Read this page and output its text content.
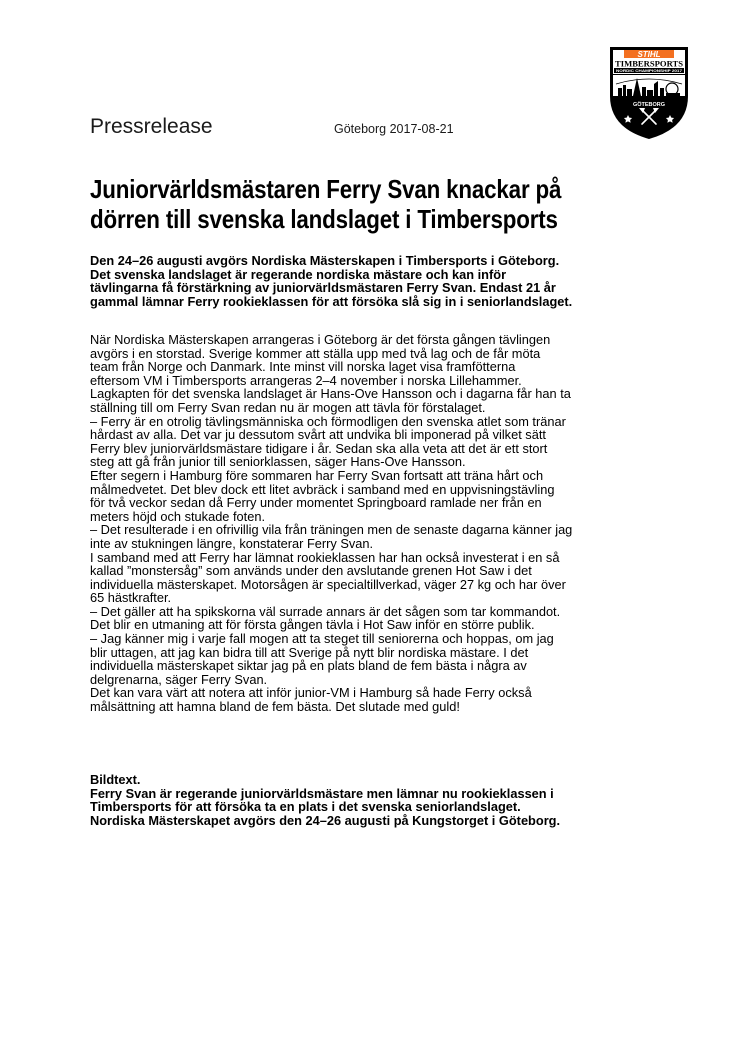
STIHL
TIMBERSPORTS
NORDIC CHAMPIONSHIP 2017
GÖTEBORG
Pressrelease	Göteborg 2017-08-21
Juniorvärldsmästaren Ferry Svan knackar på
dörren till svenska landslaget i Timbersports
Den 24–26 augusti avgörs Nordiska Mästerskapen i Timbersports i Göteborg.
Det svenska landslaget är regerande nordiska mästare och kan inför
tävlingarna få förstärkning av juniorvärldsmästaren Ferry Svan. Endast 21 år
gammal lämnar Ferry rookieklassen för att försöka slå sig in i seniorlandslaget.

När Nordiska Mästerskapen arrangeras i Göteborg är det första gången tävlingen

avgörs i en storstad. Sverige kommer att ställa upp med två lag och de får möta

team från Norge och Danmark. Inte minst vill norska laget visa framfötterna

eftersom VM i Timbersports arrangeras 2–4 november i norska Lillehammer.

Lagkapten för det svenska landslaget är Hans-Ove Hansson och i dagarna får han ta

ställning till om Ferry Svan redan nu är mogen att tävla för förstalaget.

– Ferry är en otrolig tävlingsmänniska och förmodligen den svenska atlet som tränar

hårdast av alla. Det var ju dessutom svårt att undvika bli imponerad på vilket sätt

Ferry blev juniorvärldsmästare tidigare i år. Sedan ska alla veta att det är ett stort

steg att gå från junior till seniorklassen, säger Hans-Ove Hansson.

Efter segern i Hamburg före sommaren har Ferry Svan fortsatt att träna hårt och

målmedvetet. Det blev dock ett litet avbräck i samband med en uppvisningstävling

för två veckor sedan då Ferry under momentet Springboard ramlade ner från en

meters höjd och stukade foten.

– Det resulterade i en ofrivillig vila från träningen men de senaste dagarna känner jag

inte av stukningen längre, konstaterar Ferry Svan.

I samband med att Ferry har lämnat rookieklassen har han också investerat i en så

kallad ”monstersåg” som används under den avslutande grenen Hot Saw i det

individuella mästerskapet. Motorsågen är specialtillverkad, väger 27 kg och har över

65 hästkrafter.

– Det gäller att ha spikskorna väl surrade annars är det sågen som tar kommandot.

Det blir en utmaning att för första gången tävla i Hot Saw inför en större publik.

– Jag känner mig i varje fall mogen att ta steget till seniorerna och hoppas, om jag

blir uttagen, att jag kan bidra till att Sverige på nytt blir nordiska mästare. I det

individuella mästerskapet siktar jag på en plats bland de fem bästa i några av

delgrenarna, säger Ferry Svan.

Det kan vara värt att notera att inför junior-VM i Hamburg så hade Ferry också

målsättning att hamna bland de fem bästa. Det slutade med guld!

Bildtext.

Ferry Svan är regerande juniorvärldsmästare men lämnar nu rookieklassen i

Timbersports för att försöka ta en plats i det svenska seniorlandslaget.

Nordiska Mästerskapet avgörs den 24–26 augusti på Kungstorget i Göteborg.
